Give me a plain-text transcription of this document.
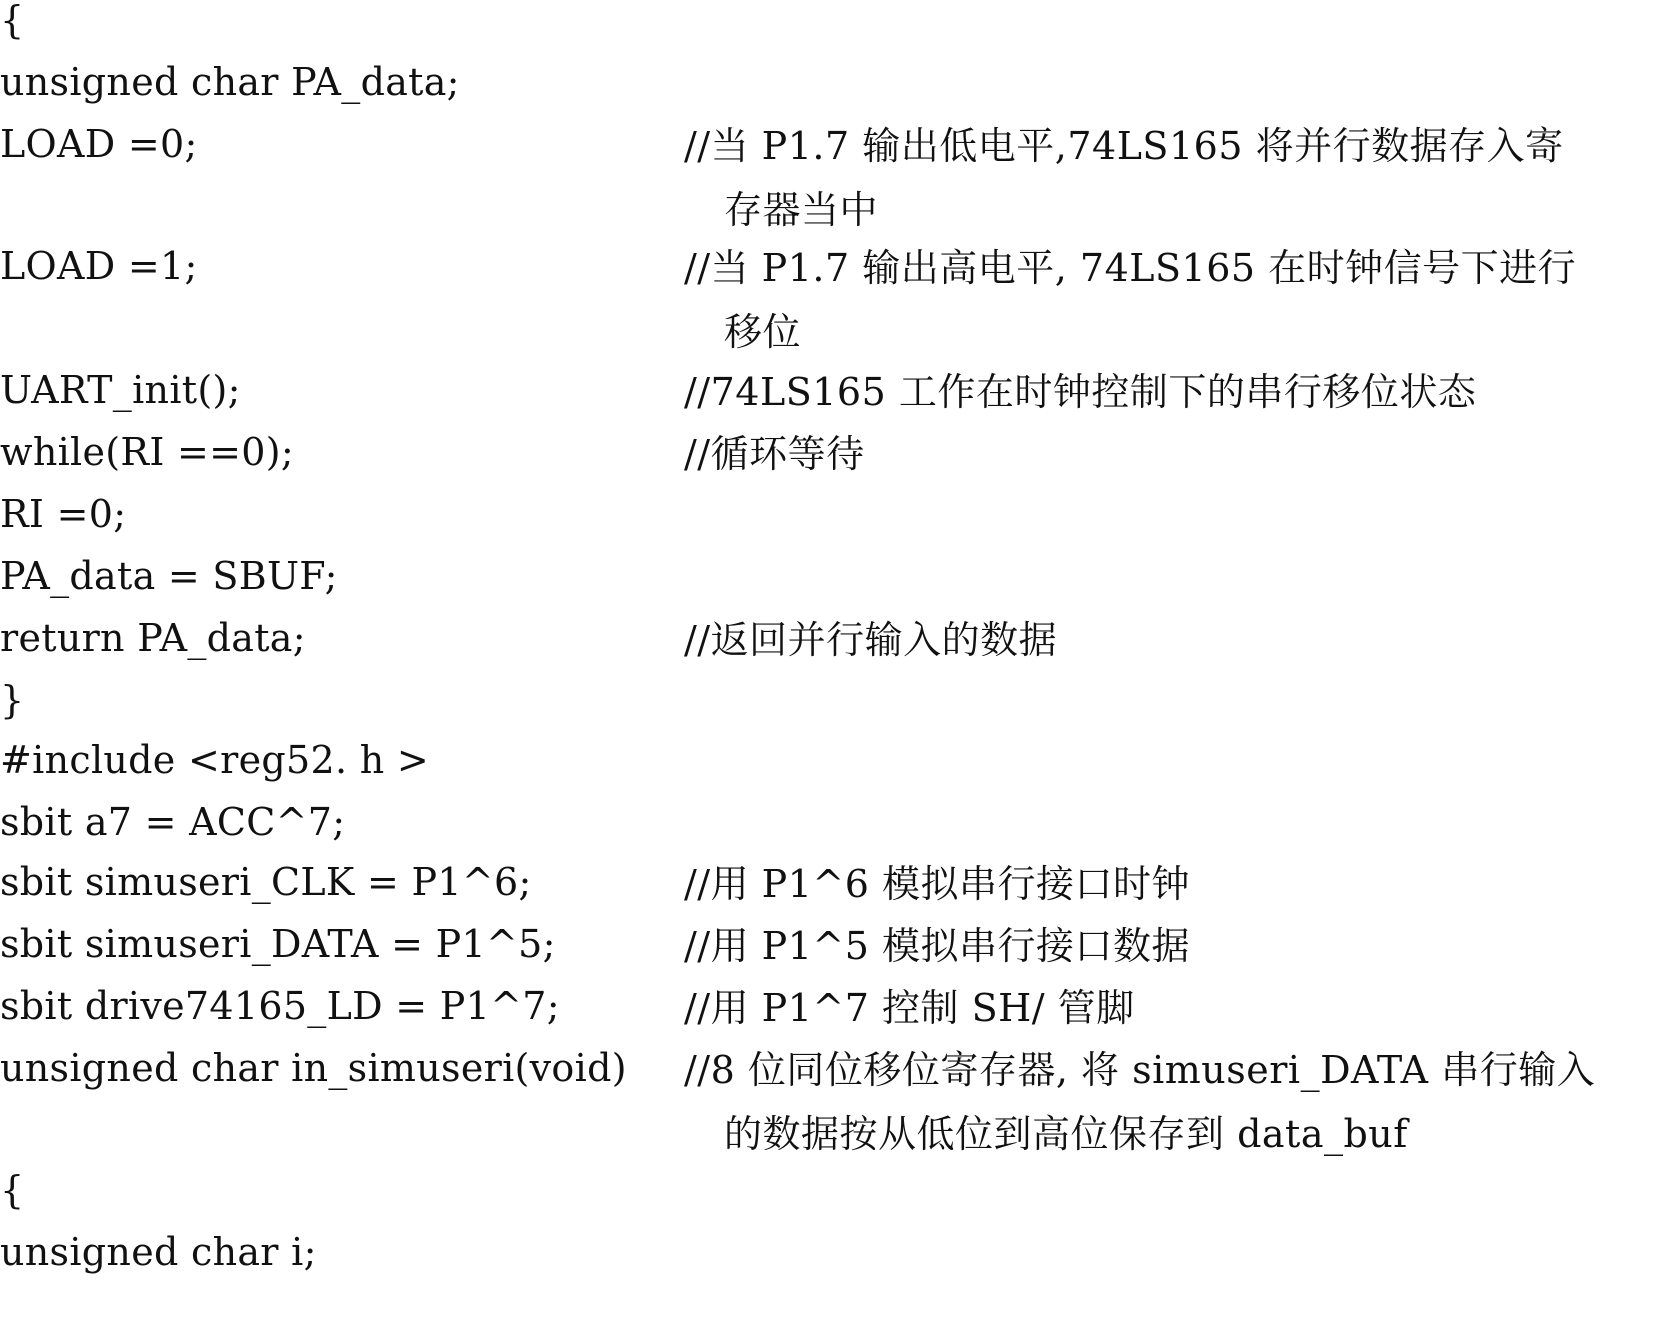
{
unsigned char PA_data;
LOAD =0;	//当 P1.7 输出低电平,74LS165 将并行数据存入寄
存器当中
LOAD =1;	//当 P1.7 输出高电平, 74LS165 在时钟信号下进行
移位
UART_init();	//74LS165 工作在时钟控制下的串行移位状态
while(RI ==0);	//循环等待
RI =0;
PA_data = SBUF;
return PA_data;	//返回并行输入的数据
}
#include <reg52. h >
sbit a7 = ACC^7;
sbit simuseri_CLK = P1^6;	//用 P1^6 模拟串行接口时钟
sbit simuseri_DATA = P1^5;	//用 P1^5 模拟串行接口数据
sbit drive74165_LD = P1^7;	//用 P1^7 控制 SH/ 管脚
unsigned char in_simuseri(void) //8 位同位移位寄存器, 将 simuseri_DATA 串行输入
的数据按从低位到高位保存到 data_buf
{
unsigned char i;
